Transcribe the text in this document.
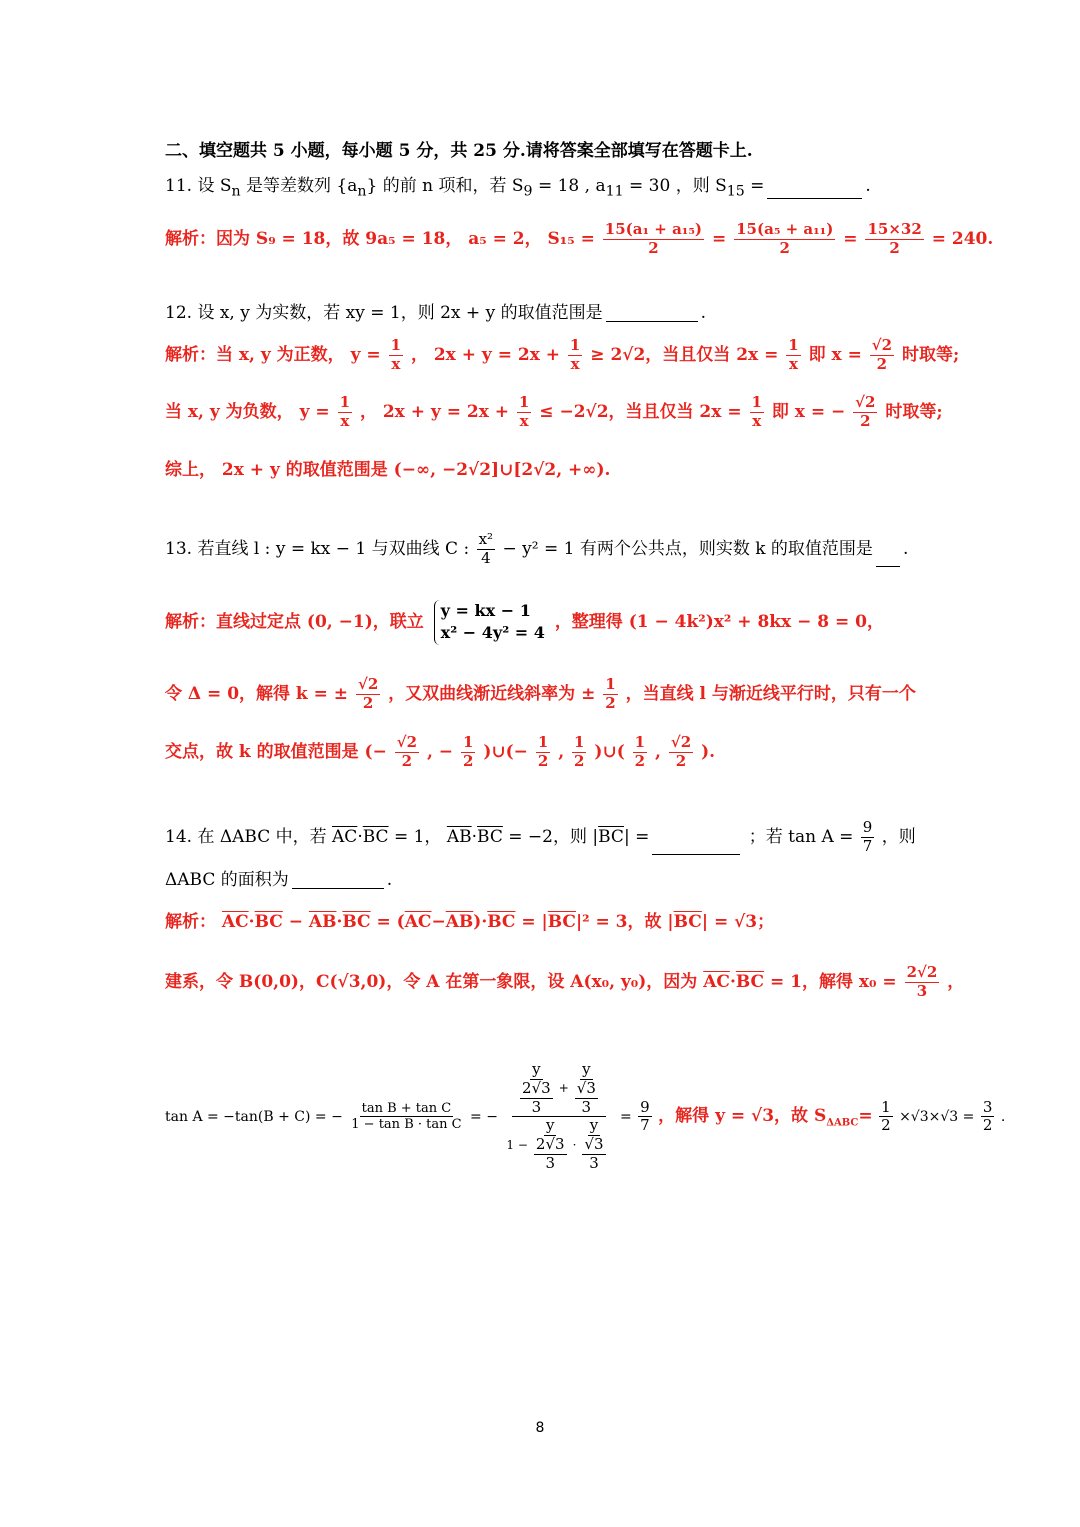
二、填空题共 5 小题，每小题 5 分，共 25 分.请将答案全部填写在答题卡上.
11. 设 $S_n$ 是等差数列 $\{a_n\}$ 的前 n 项和，若 $S_9 = 18$ , $a_{11} = 30$ ，则 $S_{15}$ =	.
解析：因为 S₉ = 18，故 9a₅ = 18， a₅ = 2， $S_{15} = \frac{\text{15(a₁ + a₁₅)}}{2} = \frac{\text{15(a₅ + a₁₁)}}{2} = \frac{15\times 32}{2} = 240$.
12. 设 x, y 为实数，若 xy = 1，则 2x + y 的取值范围是	.
解析：当 x, y 为正数， $y = \frac{1}{x}$ ， $2x + y = 2x + \frac{1}{x} \ge 2√2$，当且仅当 $2x = \frac{1}{x}$ 即 $x = \frac{√2}{2}$ 时取等;
当 x, y 为负数， $y = \frac{1}{x}$ ， $2x + y = 2x + \frac{1}{x} \le -2√2$，当且仅当 $2x = \frac{1}{x}$ 即 x = − $\frac{√2}{2}$ 时取等;
综上， 2x + y 的取值范围是 (−∞, −2√2]∪[2√2, +∞).
13. 若直线 l : y = kx − 1 与双曲线 C : $\frac{\text{x²}}{4} - y^2 = 1$ 有两个公共点，则实数 k 的取值范围是 .
解析：直线过定点 (0, −1)，联立
y = kx − 1
x² − 4y² = 4
，整理得 (1 − 4k²)x² + 8kx − 8 = 0，
令 Δ = 0，解得 k = ± $\frac{√2}{2}$ ，又双曲线渐近线斜率为 ± $\frac{1}{2}$ ，当直线 l 与渐近线平行时，只有一个
交点，故 k 的取值范围是 (− $\frac{√2}{2}$ , − $\frac{1}{2}$ )∪(− $\frac{1}{2}$ , $\frac{1}{2}$ )∪( $\frac{1}{2}$ , $\frac{√2}{2}$ ).
14. 在 ΔABC 中，若 $\overline{AC}\cdot\overline{BC} = 1$， $\overline{AB}\cdot\overline{BC} = -2$，则 $|\overline{BC}|$ =	；若 $\tan A = \frac{9}{7}$ ，则
ΔABC 的面积为	.
解析： $\overline{AC}\cdot\overline{BC} - \overline{AB}\cdot\overline{BC} = (\overline{AC}-\overline{AB})\cdot\overline{BC} = |\overline{BC}|^2 = 3$，故 $|\overline{BC}| = √3$；
建系，令 B(0,0)，C(√3,0)，令 A 在第一象限，设 A(x₀, y₀)，因为 $\overline{AC}\cdot\overline{BC} = 1$，解得 $x_0 = \frac{2√2}{3}$ ，
tan A = −tan(B + C) = − $\frac{\text{tan B + tan C}}{\text{1 − tan B · tan C}}$ = − $\frac{\frac{y}{\frac{2√3}{3}} + \frac{y}{\frac{√3}{3}}}{1 - \frac{y}{\frac{2√3}{3}} \cdot \frac{y}{\frac{√3}{3}}} = \frac{9}{7}$ ，解得 y = √3，故 $S_{\Delta ABC}= \frac{1}{2} \times√3\times√3 = \frac{3}{2}$ .
8
